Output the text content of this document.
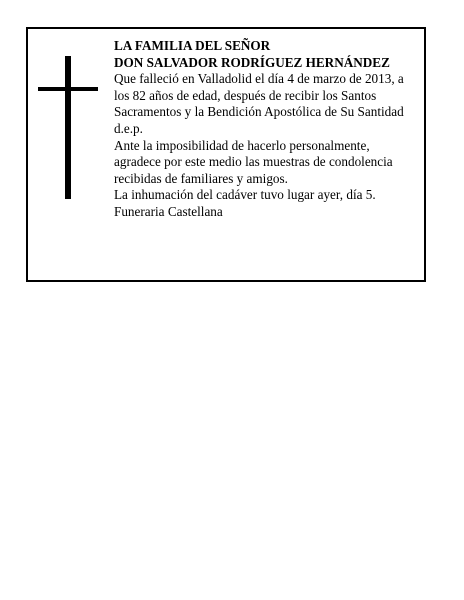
LA FAMILIA DEL SEÑOR
DON SALVADOR RODRÍGUEZ HERNÁNDEZ
Que falleció en Valladolid el día 4 de marzo de 2013, a
los 82 años de edad, después de recibir los Santos
Sacramentos y la Bendición Apostólica de Su Santidad
d.e.p.
Ante la imposibilidad de hacerlo personalmente,
agradece por este medio las muestras de condolencia
recibidas de familiares y amigos.
La inhumación del cadáver tuvo lugar ayer, día 5.
Funeraria Castellana
